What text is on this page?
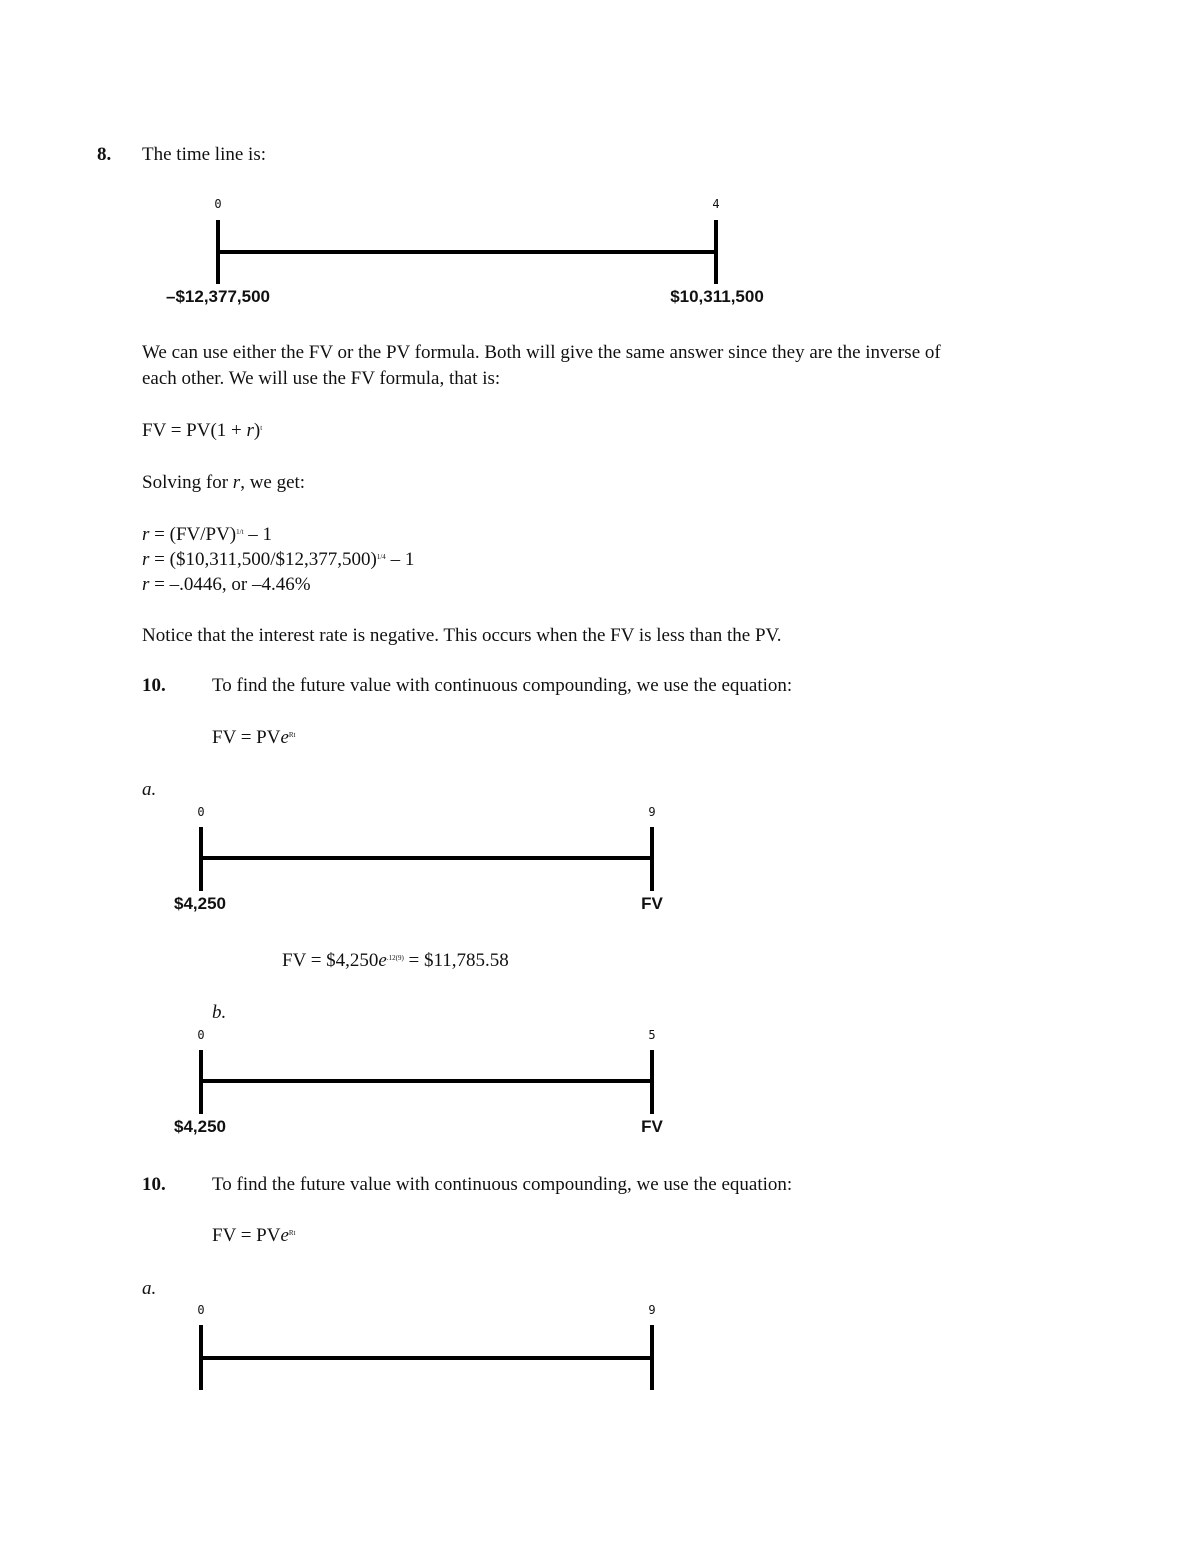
8. The time line is:
0	4
–$12,377,500	$10,311,500
We can use either the FV or the PV formula. Both will give the same answer since they are the inverse of
each other. We will use the FV formula, that is:
FV = $PV(1 + r)^t$
Solving for r, we get:
$r = (FV/PV)^{1/t} - 1$
r = ($10,311,500/$12,377,500)$^{1/4}$ – 1
r = –.0446, or –4.46%
Notice that the interest rate is negative. This occurs when the FV is less than the PV.
10. To find the future value with continuous compounding, we use the equation:
FV = PVe$^{Rt}$
a.
0	9
$4,250	FV
FV = $\$4,250e^{.12(9)}$ = $11,785.58
b.
0	5
$4,250	FV
10. To find the future value with continuous compounding, we use the equation:
FV = PVe$^{Rt}$
a.
0	9
